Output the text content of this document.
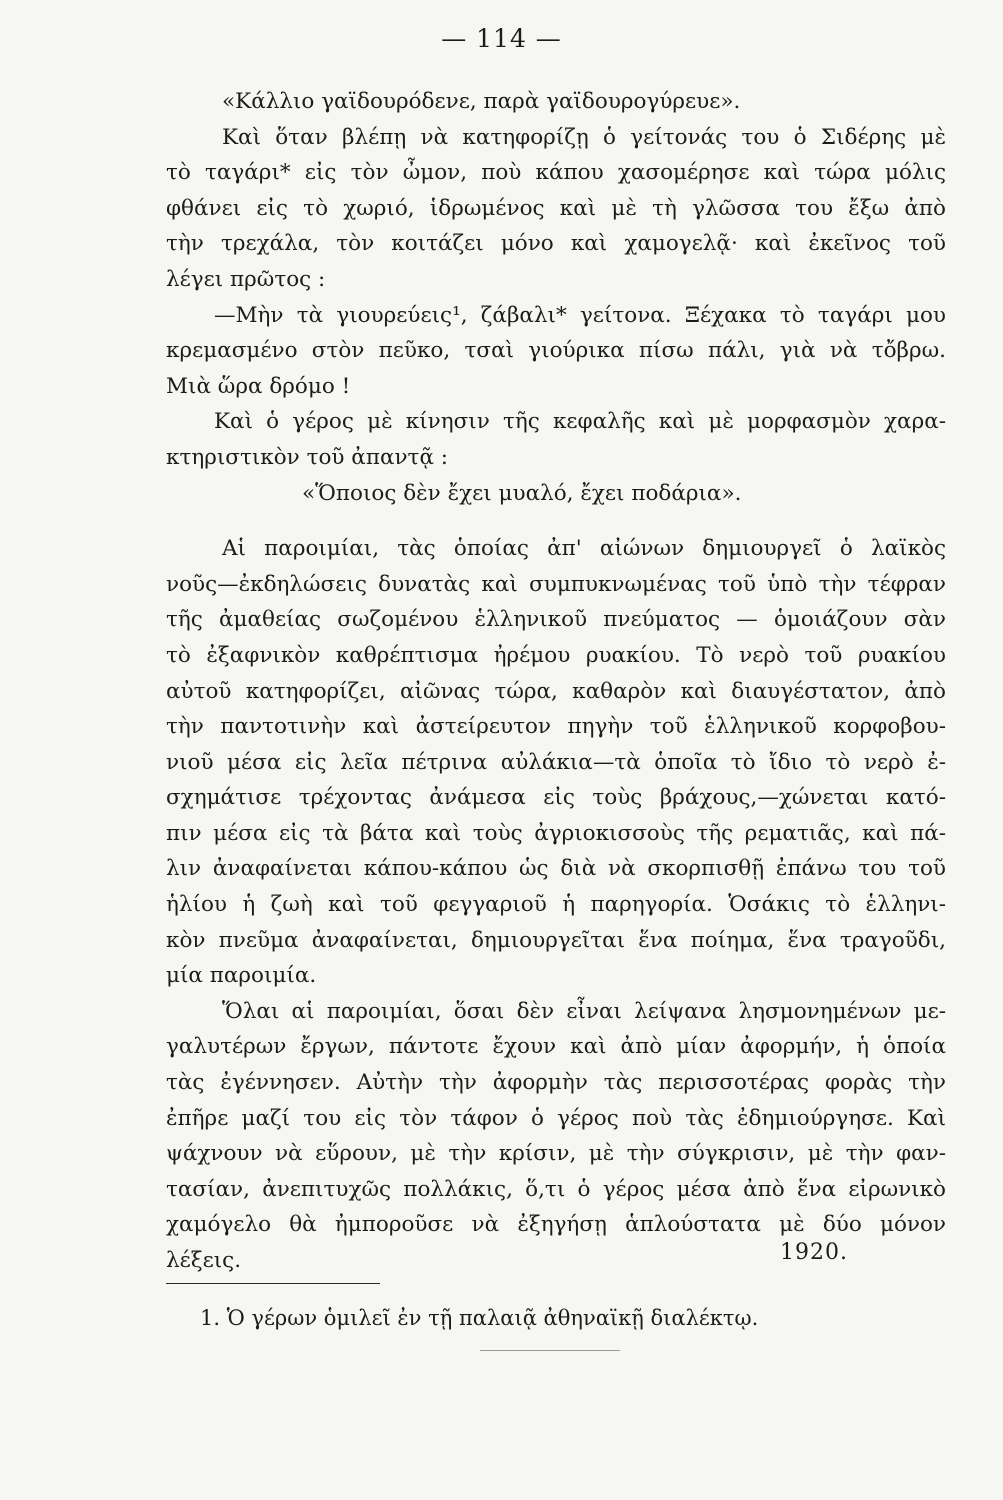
— 114 —
«Κάλλιο γαϊδουρόδενε, παρὰ γαϊδουρογύρευε».
Καὶ ὅταν βλέπῃ νὰ κατηφορίζῃ ὁ γείτονάς του ὁ Σιδέρης μὲ
τὸ ταγάρι* εἰς τὸν ὦμον, ποὺ κάπου χασομέρησε καὶ τώρα μόλις
φθάνει εἰς τὸ χωριό, ἱδρωμένος καὶ μὲ τὴ γλῶσσα του ἔξω ἀπὸ
τὴν τρεχάλα, τὸν κοιτάζει μόνο καὶ χαμογελᾷ· καὶ ἐκεῖνος τοῦ
λέγει πρῶτος :
—Μὴν τὰ γιουρεύεις¹, ζάβαλι* γείτονα. Ξέχακα τὸ ταγάρι μου
κρεμασμένο στὸν πεῦκο, τσαὶ γιούρικα πίσω πάλι, γιὰ νὰ τὄβρω.
Μιὰ ὥρα δρόμο !
Καὶ ὁ γέρος μὲ κίνησιν τῆς κεφαλῆς καὶ μὲ μορφασμὸν χαρα-
κτηριστικὸν τοῦ ἀπαντᾷ :
«Ὅποιος δὲν ἔχει μυαλό, ἔχει ποδάρια».
Αἱ παροιμίαι, τὰς ὁποίας ἀπ' αἰώνων δημιουργεῖ ὁ λαϊκὸς
νοῦς—ἐκδηλώσεις δυνατὰς καὶ συμπυκνωμένας τοῦ ὑπὸ τὴν τέφραν
τῆς ἀμαθείας σωζομένου ἑλληνικοῦ πνεύματος — ὁμοιάζουν σὰν
τὸ ἐξαφνικὸν καθρέπτισμα ἠρέμου ρυακίου. Τὸ νερὸ τοῦ ρυακίου
αὐτοῦ κατηφορίζει, αἰῶνας τώρα, καθαρὸν καὶ διαυγέστατον, ἀπὸ
τὴν παντοτινὴν καὶ ἀστείρευτον πηγὴν τοῦ ἑλληνικοῦ κορφοβου-
νιοῦ μέσα εἰς λεῖα πέτρινα αὐλάκια—τὰ ὁποῖα τὸ ἴδιο τὸ νερὸ ἐ-
σχημάτισε τρέχοντας ἀνάμεσα εἰς τοὺς βράχους,—χώνεται κατό-
πιν μέσα εἰς τὰ βάτα καὶ τοὺς ἀγριοκισσοὺς τῆς ρεματιᾶς, καὶ πά-
λιν ἀναφαίνεται κάπου-κάπου ὡς διὰ νὰ σκορπισθῇ ἐπάνω του τοῦ
ἡλίου ἡ ζωὴ καὶ τοῦ φεγγαριοῦ ἡ παρηγορία. Ὁσάκις τὸ ἑλληνι-
κὸν πνεῦμα ἀναφαίνεται, δημιουργεῖται ἕνα ποίημα, ἕνα τραγοῦδι,
μία παροιμία.
Ὅλαι αἱ παροιμίαι, ὅσαι δὲν εἶναι λείψανα λησμονημένων με-
γαλυτέρων ἔργων, πάντοτε ἔχουν καὶ ἀπὸ μίαν ἀφορμήν, ἡ ὁποία
τὰς ἐγέννησεν. Αὐτὴν τὴν ἀφορμὴν τὰς περισσοτέρας φορὰς τὴν
ἐπῆρε μαζί του εἰς τὸν τάφον ὁ γέρος ποὺ τὰς ἐδημιούργησε. Καὶ
ψάχνουν νὰ εὕρουν, μὲ τὴν κρίσιν, μὲ τὴν σύγκρισιν, μὲ τὴν φαν-
τασίαν, ἀνεπιτυχῶς πολλάκις, ὅ,τι ὁ γέρος μέσα ἀπὸ ἕνα εἰρωνικὸ
χαμόγελο θὰ ἠμποροῦσε νὰ ἐξηγήσῃ ἁπλούστατα μὲ δύο μόνον
λέξεις.	1920.
1. Ὁ γέρων ὁμιλεῖ ἐν τῇ παλαιᾷ ἀθηναϊκῇ διαλέκτῳ.
